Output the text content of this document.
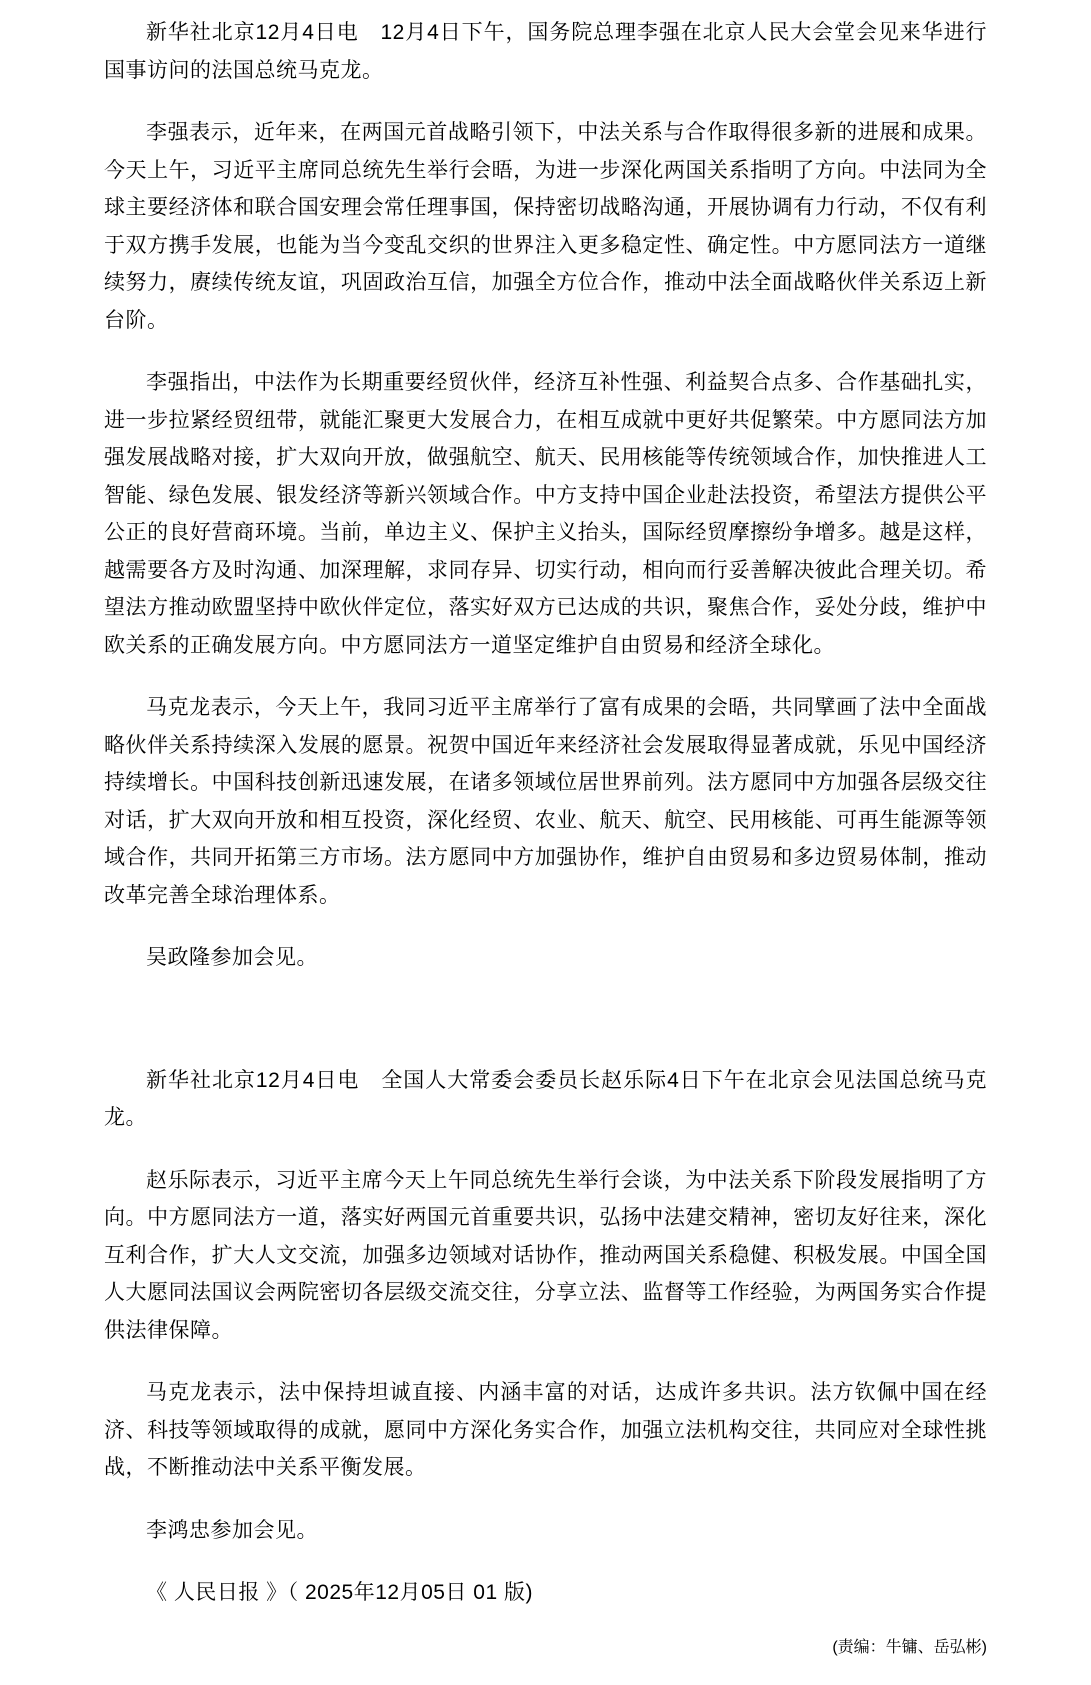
新华社北京12月4日电　12月4日下午，国务院总理李强在北京人民大会堂会见来华进行国事访问的法国总统马克龙。

李强表示，近年来，在两国元首战略引领下，中法关系与合作取得很多新的进展和成果。今天上午，习近平主席同总统先生举行会晤，为进一步深化两国关系指明了方向。中法同为全球主要经济体和联合国安理会常任理事国，保持密切战略沟通，开展协调有力行动，不仅有利于双方携手发展，也能为当今变乱交织的世界注入更多稳定性、确定性。中方愿同法方一道继续努力，赓续传统友谊，巩固政治互信，加强全方位合作，推动中法全面战略伙伴关系迈上新台阶。

李强指出，中法作为长期重要经贸伙伴，经济互补性强、利益契合点多、合作基础扎实，进一步拉紧经贸纽带，就能汇聚更大发展合力，在相互成就中更好共促繁荣。中方愿同法方加强发展战略对接，扩大双向开放，做强航空、航天、民用核能等传统领域合作，加快推进人工智能、绿色发展、银发经济等新兴领域合作。中方支持中国企业赴法投资，希望法方提供公平公正的良好营商环境。当前，单边主义、保护主义抬头，国际经贸摩擦纷争增多。越是这样，越需要各方及时沟通、加深理解，求同存异、切实行动，相向而行妥善解决彼此合理关切。希望法方推动欧盟坚持中欧伙伴定位，落实好双方已达成的共识，聚焦合作，妥处分歧，维护中欧关系的正确发展方向。中方愿同法方一道坚定维护自由贸易和经济全球化。

马克龙表示，今天上午，我同习近平主席举行了富有成果的会晤，共同擘画了法中全面战略伙伴关系持续深入发展的愿景。祝贺中国近年来经济社会发展取得显著成就，乐见中国经济持续增长。中国科技创新迅速发展，在诸多领域位居世界前列。法方愿同中方加强各层级交往对话，扩大双向开放和相互投资，深化经贸、农业、航天、航空、民用核能、可再生能源等领域合作，共同开拓第三方市场。法方愿同中方加强协作，维护自由贸易和多边贸易体制，推动改革完善全球治理体系。

吴政隆参加会见。

新华社北京12月4日电　全国人大常委会委员长赵乐际4日下午在北京会见法国总统马克龙。

赵乐际表示，习近平主席今天上午同总统先生举行会谈，为中法关系下阶段发展指明了方向。中方愿同法方一道，落实好两国元首重要共识，弘扬中法建交精神，密切友好往来，深化互利合作，扩大人文交流，加强多边领域对话协作，推动两国关系稳健、积极发展。中国全国人大愿同法国议会两院密切各层级交流交往，分享立法、监督等工作经验，为两国务实合作提供法律保障。

马克龙表示，法中保持坦诚直接、内涵丰富的对话，达成许多共识。法方钦佩中国在经济、科技等领域取得的成就，愿同中方深化务实合作，加强立法机构交往，共同应对全球性挑战，不断推动法中关系平衡发展。

李鸿忠参加会见。

《 人民日报 》（ 2025年12月05日 01 版)

(责编：牛镛、岳弘彬)
